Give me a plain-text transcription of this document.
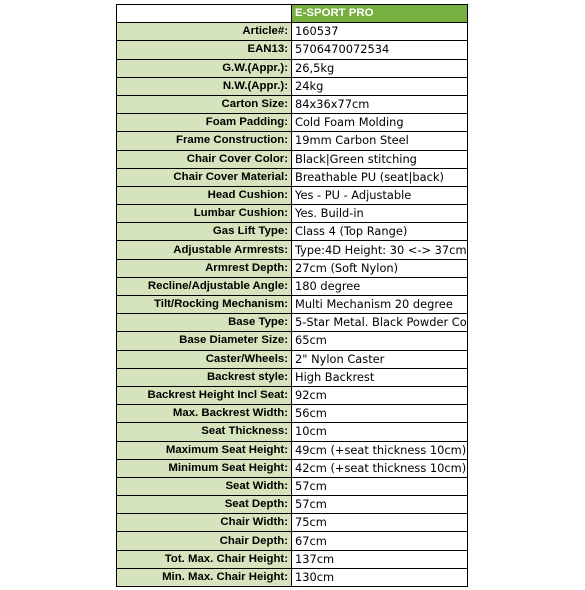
	E-SPORT PRO
Article#:	160537
EAN13:	5706470072534
G.W.(Appr.):	26,5kg
N.W.(Appr.):	24kg
Carton Size:	84x36x77cm
Foam Padding:	Cold Foam Molding
Frame Construction:	19mm Carbon Steel
Chair Cover Color:	Black|Green stitching
Chair Cover Material:	Breathable PU (seat|back)
Head Cushion:	Yes - PU - Adjustable
Lumbar Cushion:	Yes. Build-in
Gas Lift Type:	Class 4 (Top Range)
Adjustable Armrests:	Type:4D Height: 30 <-> 37cm
Armrest Depth:	27cm (Soft Nylon)
Recline/Adjustable Angle:	180 degree
Tilt/Rocking Mechanism:	Multi Mechanism 20 degree
Base Type:	5-Star Metal. Black Powder Co
Base Diameter Size:	65cm
Caster/Wheels:	2" Nylon Caster
Backrest style:	High Backrest
Backrest Height Incl Seat:	92cm
Max. Backrest Width:	56cm
Seat Thickness:	10cm
Maximum Seat Height:	49cm (+seat thickness 10cm)
Minimum Seat Height:	42cm (+seat thickness 10cm)
Seat Width:	57cm
Seat Depth:	57cm
Chair Width:	75cm
Chair Depth:	67cm
Tot. Max. Chair Height:	137cm
Min. Max. Chair Height:	130cm
